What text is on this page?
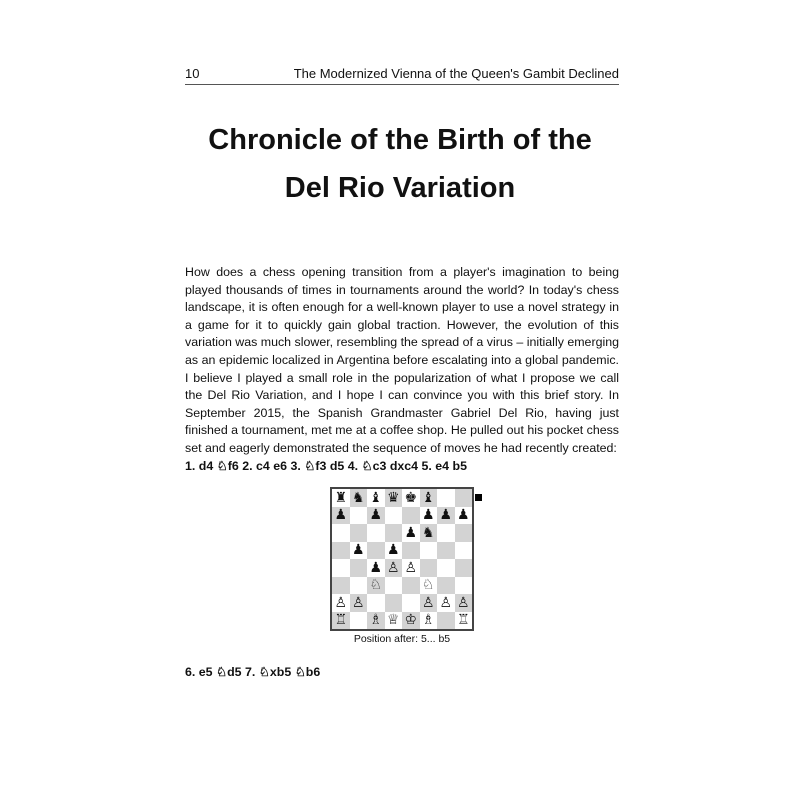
10	The Modernized Vienna of the Queen's Gambit Declined
Chronicle of the Birth of the
Del Rio Variation

How does a chess opening transition from a player's imagination to being played thousands of times in tournaments around the world? In today's chess landscape, it is often enough for a well-known player to use a novel strategy in a game for it to quickly gain global traction. However, the evolution of this variation was much slower, resembling the spread of a virus – initially emerging as an epidemic localized in Argentina before escalating into a global pandemic. I believe I played a small role in the popularization of what I propose we call the Del Rio Variation, and I hope I can convince you with this brief story. In September 2015, the Spanish Grandmaster Gabriel Del Rio, having just finished a tournament, met me at a coffee shop. He pulled out his pocket chess set and eagerly demonstrated the sequence of moves he had recently created:

1. d4 ♘f6 2. c4 e6 3. ♘f3 d5 4. ♘c3 dxc4 5. e4 b5

♜ ♞ ♝ ♛ ♚ ♝
♟ ♟	♟ ♟ ♟
♟ ♞
♟ ♟
♟ ♙ ♙
♘	♘
♙ ♙	♙ ♙ ♙
♖ ♗ ♕ ♔ ♗ ♖

Position after: 5... b5

6. e5 ♘d5 7. ♘xb5 ♘b6
